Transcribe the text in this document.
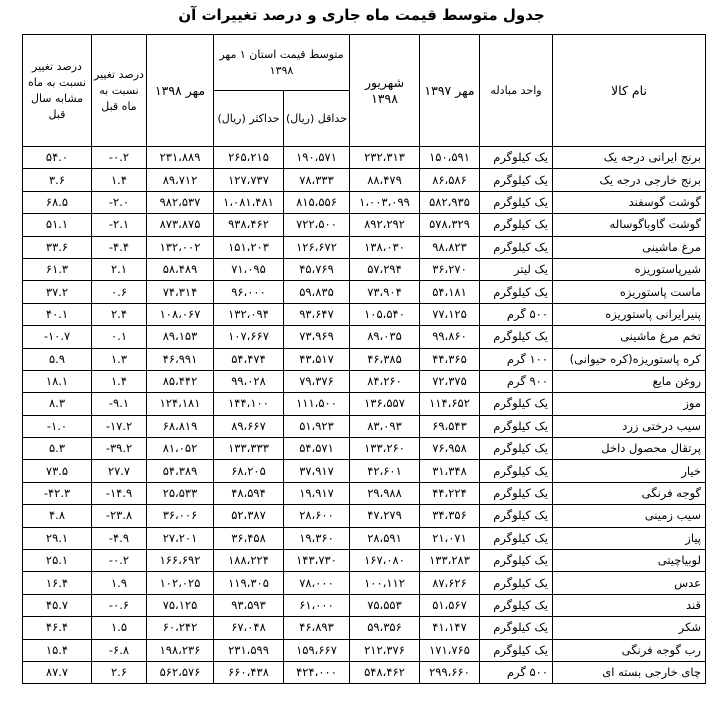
جدول متوسط قیمت ماه جاری و درصد تغییرات آن
نام کالا	واحد مبادله	مهر ۱۳۹۷	شهریور ۱۳۹۸	متوسط قیمت استان ۱ مهر ۱۳۹۸		مهر ۱۳۹۸	درصد تغییر نسبت به ماه قبل	درصد تغییر نسبت به ماه مشابه سال قبل
				حداقل (ریال)	حداکثر (ریال)			
برنج ایرانی درجه یک	یک کیلوگرم	۱۵۰،۵۹۱	۲۳۲،۳۱۳	۱۹۰،۵۷۱	۲۶۵،۲۱۵	۲۳۱،۸۸۹	-۰.۲	۵۴.۰
برنج خارجی درجه یک	یک کیلوگرم	۸۶،۵۸۶	۸۸،۴۷۹	۷۸،۳۳۳	۱۲۷،۷۳۷	۸۹،۷۱۲	۱.۴	۳.۶
گوشت گوسفند	یک کیلوگرم	۵۸۲،۹۳۵	۱،۰۰۳،۰۹۹	۸۱۵،۵۵۶	۱،۰۸۱،۴۸۱	۹۸۲،۵۳۷	-۲.۰	۶۸.۵
گوشت گاوباگوساله	یک کیلوگرم	۵۷۸،۳۲۹	۸۹۲،۲۹۲	۷۲۲،۵۰۰	۹۳۸،۴۶۲	۸۷۳،۸۷۵	-۲.۱	۵۱.۱
مرغ ماشینی	یک کیلوگرم	۹۸،۸۲۳	۱۳۸،۰۳۰	۱۲۶،۶۷۲	۱۵۱،۲۰۳	۱۳۲،۰۰۲	-۴.۴	۳۳.۶
شیرپاستوریزه	یک لیتر	۳۶،۲۷۰	۵۷،۲۹۴	۴۵،۷۶۹	۷۱،۰۹۵	۵۸،۴۸۹	۲.۱	۶۱.۳
ماست پاستوریزه	یک کیلوگرم	۵۴،۱۸۱	۷۳،۹۰۴	۵۹،۸۳۵	۹۶،۰۰۰	۷۴،۳۱۴	۰.۶	۳۷.۲
پنیرایرانی پاستوریزه	۵۰۰ گرم	۷۷،۱۲۵	۱۰۵،۵۴۰	۹۳،۶۴۷	۱۳۲،۰۹۴	۱۰۸،۰۶۷	۲.۴	۴۰.۱
تخم مرغ ماشینی	یک کیلوگرم	۹۹،۸۶۰	۸۹،۰۳۵	۷۳،۹۶۹	۱۰۷،۶۶۷	۸۹،۱۵۳	۰.۱	-۱۰.۷
کره پاستوریزه(کره حیوانی)	۱۰۰ گرم	۴۴،۳۶۵	۴۶،۳۸۵	۴۳،۵۱۷	۵۴،۴۷۴	۴۶،۹۹۱	۱.۳	۵.۹
روغن مایع	۹۰۰ گرم	۷۲،۳۷۵	۸۴،۲۶۰	۷۹،۳۷۶	۹۹،۰۲۸	۸۵،۴۴۲	۱.۴	۱۸.۱
موز	یک کیلوگرم	۱۱۴،۶۵۲	۱۳۶،۵۵۷	۱۱۱،۵۰۰	۱۴۴،۱۰۰	۱۲۴،۱۸۱	-۹.۱	۸.۳
سیب درختی زرد	یک کیلوگرم	۶۹،۵۴۳	۸۳،۰۹۳	۵۱،۹۲۳	۸۹،۶۶۷	۶۸،۸۱۹	-۱۷.۲	-۱.۰
پرتقال محصول داخل	یک کیلوگرم	۷۶،۹۵۸	۱۳۳،۲۶۰	۵۴،۵۷۱	۱۳۳،۳۳۳	۸۱،۰۵۲	-۳۹.۲	۵.۳
خیار	یک کیلوگرم	۳۱،۳۴۸	۴۲،۶۰۱	۳۷،۹۱۷	۶۸،۲۰۵	۵۴،۳۸۹	۲۷.۷	۷۳.۵
گوجه فرنگی	یک کیلوگرم	۴۴،۲۲۴	۲۹،۹۸۸	۱۹،۹۱۷	۴۸،۵۹۴	۲۵،۵۳۳	-۱۴.۹	-۴۲.۳
سیب زمینی	یک کیلوگرم	۳۴،۳۵۶	۴۷،۲۷۹	۲۸،۶۰۰	۵۲،۳۸۷	۳۶،۰۰۶	-۲۳.۸	۴.۸
پیاز	یک کیلوگرم	۲۱،۰۷۱	۲۸،۵۹۱	۱۹،۳۶۰	۳۶،۴۵۸	۲۷،۲۰۱	-۴.۹	۲۹.۱
لوبیاچیتی	یک کیلوگرم	۱۳۳،۲۸۳	۱۶۷،۰۸۰	۱۴۳،۷۳۰	۱۸۸،۲۲۴	۱۶۶،۶۹۲	-۰.۲	۲۵.۱
عدس	یک کیلوگرم	۸۷،۶۲۶	۱۰۰،۱۱۲	۷۸،۰۰۰	۱۱۹،۳۰۵	۱۰۲،۰۲۵	۱.۹	۱۶.۴
قند	یک کیلوگرم	۵۱،۵۶۷	۷۵،۵۵۳	۶۱،۰۰۰	۹۳،۵۹۳	۷۵،۱۲۵	-۰.۶	۴۵.۷
شکر	یک کیلوگرم	۴۱،۱۴۷	۵۹،۳۵۶	۴۶،۸۹۳	۶۷،۰۴۸	۶۰،۲۴۲	۱.۵	۴۶.۴
رب گوجه فرنگی	یک کیلوگرم	۱۷۱،۷۶۵	۲۱۲،۳۷۶	۱۵۹،۶۶۷	۲۳۱،۵۹۹	۱۹۸،۲۳۶	-۶.۸	۱۵.۴
چای خارجی بسته ای	۵۰۰ گرم	۲۹۹،۶۶۰	۵۴۸،۴۶۲	۴۲۴،۰۰۰	۶۶۰،۴۳۸	۵۶۲،۵۷۶	۲.۶	۸۷.۷
